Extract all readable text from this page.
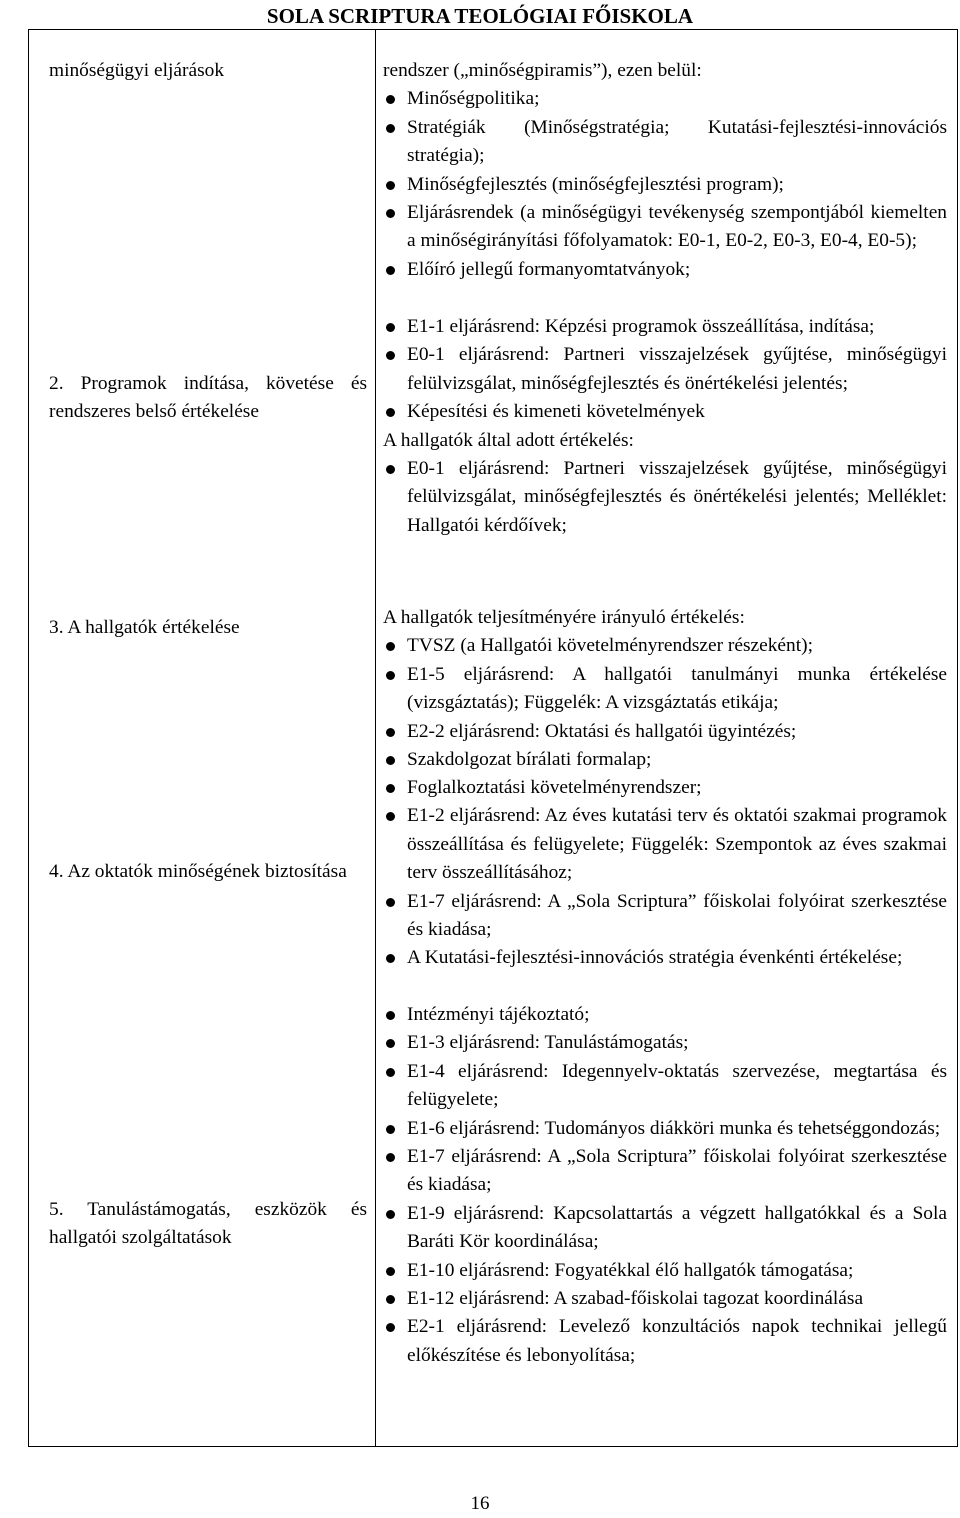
SOLA SCRIPTURA TEOLÓGIAI FŐISKOLA
minőségügyi eljárások
2. Programok indítása, követése és rendszeres belső értékelése
3. A hallgatók értékelése
4. Az oktatók minőségének biztosítása
5. Tanulástámogatás, eszközök és hallgatói szolgáltatások

rendszer („minőségpiramis”), ezen belül:

Minőségpolitika;

Stratégiák (Minőségstratégia; Kutatási-fejlesztési-innovációs stratégia);

Minőségfejlesztés (minőségfejlesztési program);

Eljárásrendek (a minőségügyi tevékenység szempontjából kiemelten a minőségirányítási főfolyamatok: E0-1, E0-2, E0-3, E0-4, E0-5);

Előíró jellegű formanyomtatványok;

E1-1 eljárásrend: Képzési programok összeállítása, indítása;

E0-1 eljárásrend: Partneri visszajelzések gyűjtése, minőségügyi felülvizsgálat, minőségfejlesztés és önértékelési jelentés;

Képesítési és kimeneti követelmények

A hallgatók által adott értékelés:

E0-1 eljárásrend: Partneri visszajelzések gyűjtése, minőségügyi felülvizsgálat, minőségfejlesztés és önértékelési jelentés; Melléklet: Hallgatói kérdőívek;

A hallgatók teljesítményére irányuló értékelés:

TVSZ (a Hallgatói követelményrendszer részeként);

E1-5 eljárásrend: A hallgatói tanulmányi munka értékelése (vizsgáztatás); Függelék: A vizsgáztatás etikája;

E2-2 eljárásrend: Oktatási és hallgatói ügyintézés;

Szakdolgozat bírálati formalap;

Foglalkoztatási követelményrendszer;

E1-2 eljárásrend: Az éves kutatási terv és oktatói szakmai programok összeállítása és felügyelete; Függelék: Szempontok az éves szakmai terv összeállításához;

E1-7 eljárásrend: A „Sola Scriptura” főiskolai folyóirat szerkesztése és kiadása;

A Kutatási-fejlesztési-innovációs stratégia évenkénti értékelése;

Intézményi tájékoztató;

E1-3 eljárásrend: Tanulástámogatás;

E1-4 eljárásrend: Idegennyelv-oktatás szervezése, megtartása és felügyelete;

E1-6 eljárásrend: Tudományos diákköri munka és tehetséggondozás;

E1-7 eljárásrend: A „Sola Scriptura” főiskolai folyóirat szerkesztése és kiadása;

E1-9 eljárásrend: Kapcsolattartás a végzett hallgatókkal és a Sola Baráti Kör koordinálása;

E1-10 eljárásrend: Fogyatékkal élő hallgatók támogatása;

E1-12 eljárásrend: A szabad-főiskolai tagozat koordinálása

E2-1 eljárásrend: Levelező konzultációs napok technikai jellegű előkészítése és lebonyolítása;

16
